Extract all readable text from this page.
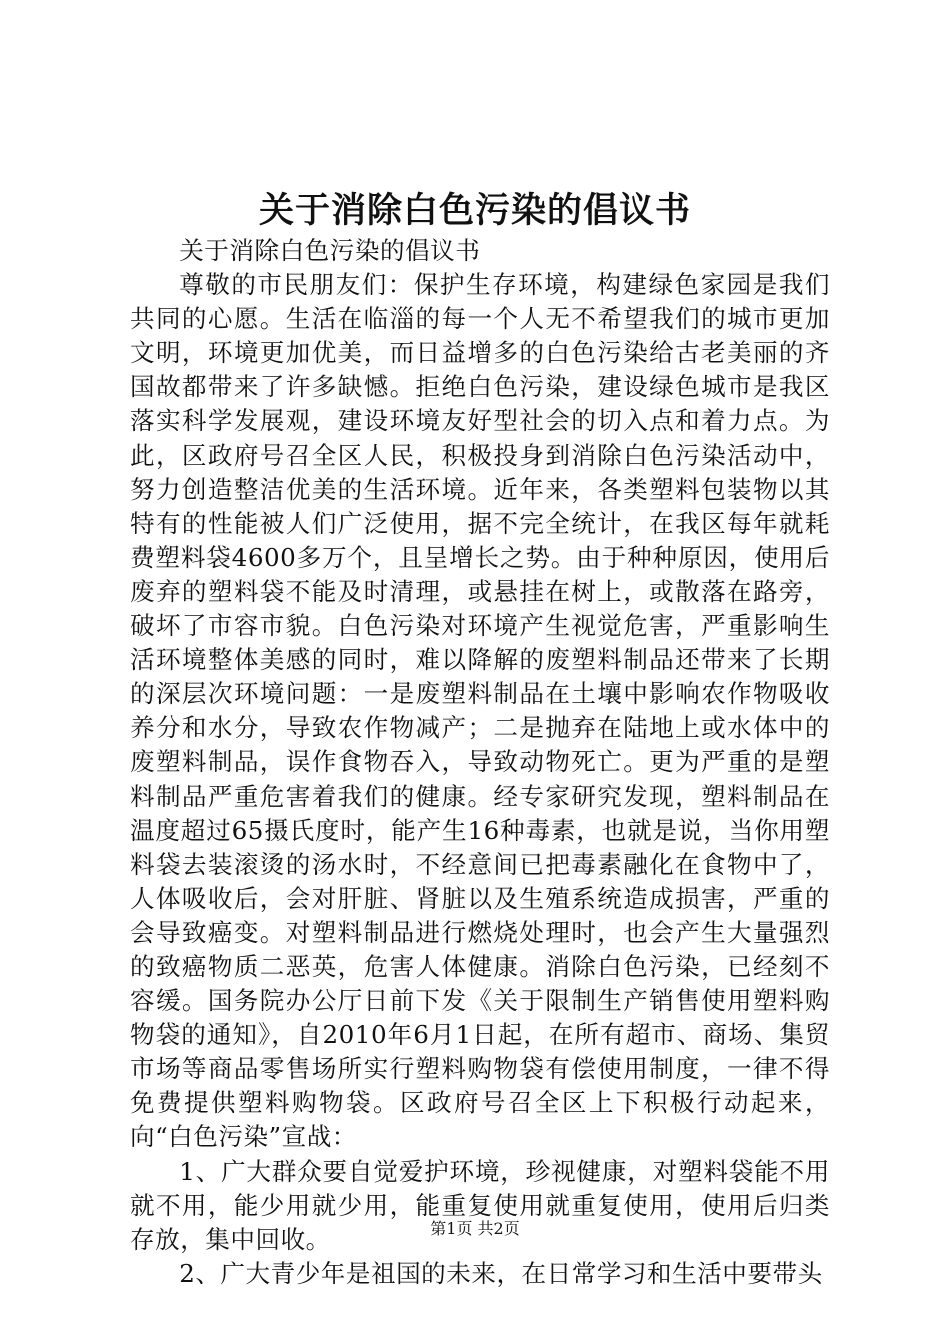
关于消除白色污染的倡议书

关于消除白色污染的倡议书

尊敬的市民朋友们：保护生存环境，构建绿色家园是我们共同的心愿。生活在临淄的每一个人无不希望我们的城市更加文明，环境更加优美，而日益增多的白色污染给古老美丽的齐国故都带来了许多缺憾。拒绝白色污染，建设绿色城市是我区落实科学发展观，建设环境友好型社会的切入点和着力点。为此，区政府号召全区人民，积极投身到消除白色污染活动中，努力创造整洁优美的生活环境。近年来，各类塑料包装物以其特有的性能被人们广泛使用，据不完全统计，在我区每年就耗费塑料袋4600多万个，且呈增长之势。由于种种原因，使用后废弃的塑料袋不能及时清理，或悬挂在树上，或散落在路旁，破坏了市容市貌。白色污染对环境产生视觉危害，严重影响生活环境整体美感的同时，难以降解的废塑料制品还带来了长期的深层次环境问题：一是废塑料制品在土壤中影响农作物吸收养分和水分，导致农作物减产；二是抛弃在陆地上或水体中的废塑料制品，误作食物吞入，导致动物死亡。更为严重的是塑料制品严重危害着我们的健康。经专家研究发现，塑料制品在温度超过65摄氏度时，能产生16种毒素，也就是说，当你用塑料袋去装滚烫的汤水时，不经意间已把毒素融化在食物中了，人体吸收后，会对肝脏、肾脏以及生殖系统造成损害，严重的会导致癌变。对塑料制品进行燃烧处理时，也会产生大量强烈的致癌物质二恶英，危害人体健康。消除白色污染，已经刻不容缓。国务院办公厅日前下发《关于限制生产销售使用塑料购物袋的通知》，自2010年6月1日起，在所有超市、商场、集贸市场等商品零售场所实行塑料购物袋有偿使用制度，一律不得免费提供塑料购物袋。区政府号召全区上下积极行动起来，向“白色污染”宣战：

1、广大群众要自觉爱护环境，珍视健康，对塑料袋能不用就不用，能少用就少用，能重复使用就重复使用，使用后归类存放，集中回收。

2、广大青少年是祖国的未来，在日常学习和生活中要带头

第1页 共2页
